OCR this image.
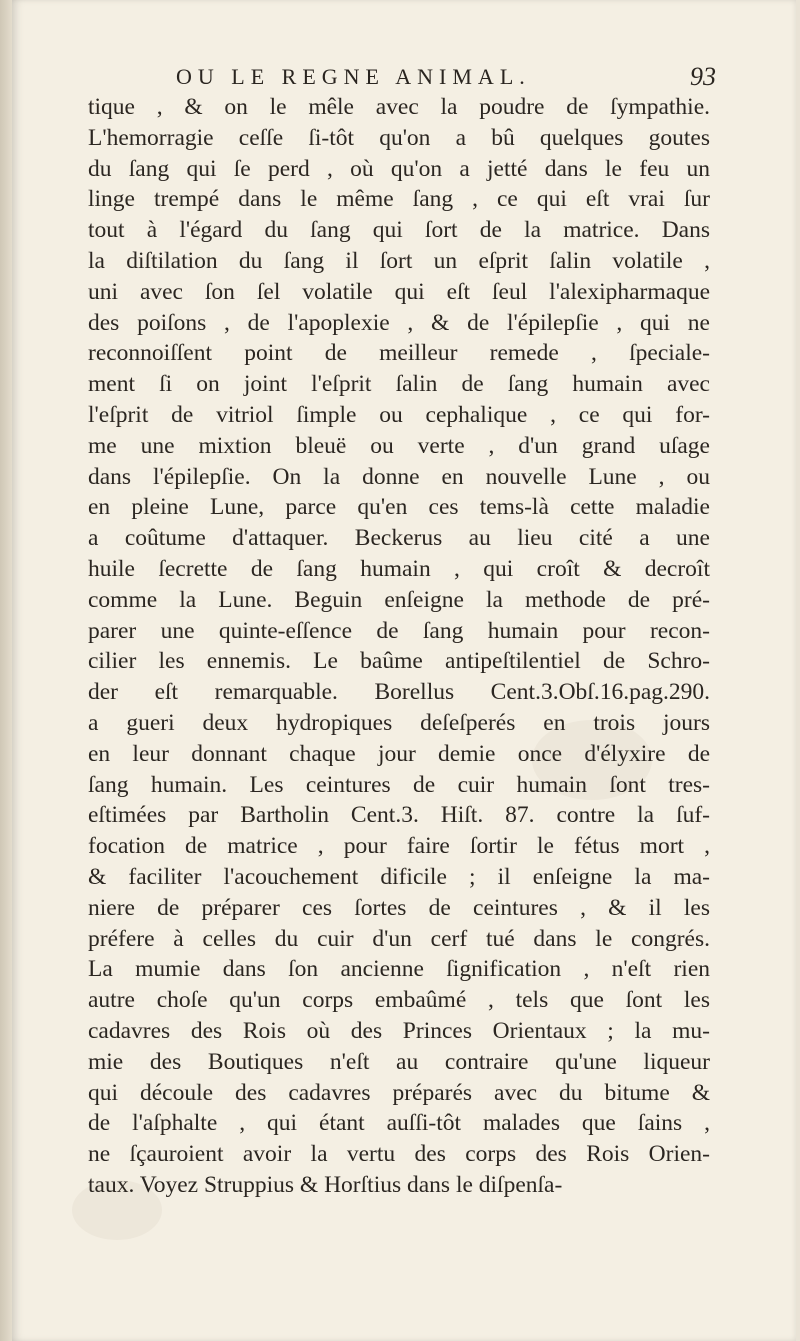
OU LE REGNE ANIMAL.	93
tique , & on le mêle avec la poudre de ſympathie.
L'hemorragie ceſſe ſi-tôt qu'on a bû quelques goutes
du ſang qui ſe perd , où qu'on a jetté dans le feu un
linge trempé dans le même ſang , ce qui eſt vrai ſur
tout à l'égard du ſang qui ſort de la matrice. Dans
la diſtilation du ſang il ſort un eſprit ſalin volatile ,
uni avec ſon ſel volatile qui eſt ſeul l'alexipharmaque
des poiſons , de l'apoplexie , & de l'épilepſie , qui ne
reconnoiſſent point de meilleur remede , ſpeciale-
ment ſi on joint l'eſprit ſalin de ſang humain avec
l'eſprit de vitriol ſimple ou cephalique , ce qui for-
me une mixtion bleuë ou verte , d'un grand uſage
dans l'épilepſie. On la donne en nouvelle Lune , ou
en pleine Lune, parce qu'en ces tems-là cette maladie
a coûtume d'attaquer. Beckerus au lieu cité a une
huile ſecrette de ſang humain , qui croît & decroît
comme la Lune. Beguin enſeigne la methode de pré-
parer une quinte-eſſence de ſang humain pour recon-
cilier les ennemis. Le baûme antipeſtilentiel de Schro-
der eſt remarquable. Borellus Cent.3.Obſ.16.pag.290.
a gueri deux hydropiques deſeſperés en trois jours
en leur donnant chaque jour demie once d'élyxire de
ſang humain. Les ceintures de cuir humain ſont tres-
eſtimées par Bartholin Cent.3. Hiſt. 87. contre la ſuf-
focation de matrice , pour faire ſortir le fétus mort ,
& faciliter l'acouchement dificile ; il enſeigne la ma-
niere de préparer ces ſortes de ceintures , & il les
préfere à celles du cuir d'un cerf tué dans le congrés.
La mumie dans ſon ancienne ſignification , n'eſt rien
autre choſe qu'un corps embaûmé , tels que ſont les
cadavres des Rois où des Princes Orientaux ; la mu-
mie des Boutiques n'eſt au contraire qu'une liqueur
qui découle des cadavres préparés avec du bitume &
de l'aſphalte , qui étant auſſi-tôt malades que ſains ,
ne ſçauroient avoir la vertu des corps des Rois Orien-
taux. Voyez Struppius & Horſtius dans le diſpenſa-
